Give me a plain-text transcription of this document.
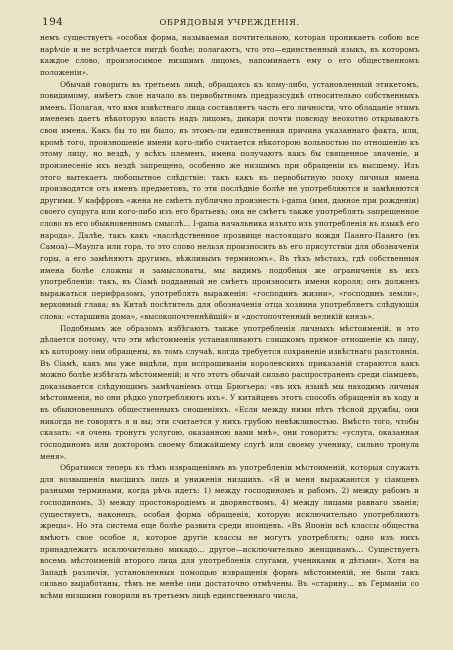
194	ОБРЯДОВЫЯ УЧРЕЖДЕНІЯ.

немъ существуетъ «особая форма, называемая почтительною, которая проникаетъ собою все нарѣчіе и не встрѣчается нигдѣ болѣе; полагаютъ, что это—единственный языкъ, въ которомъ каждое слово, произносимое низшимъ лицомъ, напоминаетъ ему о его общественномъ положеніи».

Обычай говорить въ третьемъ лицѣ, обращаясь къ кому-либо, установленный этикетомъ, повидимому, имѣетъ свое начало въ первобытномъ предразсудкѣ относительно собственныхъ именъ. Полагая, что имя извѣстнаго лица составляетъ часть его личности, что обладаніе этимъ именемъ даетъ нѣкоторую власть надъ лицомъ, дикари почти повсюду неохотно открываютъ свои имена. Какъ бы то ни было, въ этомъ-ли единственная причина указаннаго факта, или, кромѣ того, произношеніе имени кого-либо считается нѣкоторою вольностью по отношенію къ этому лицу, но вездѣ, у всѣхъ племенъ, имена получаютъ какъ бы священное значеніе, и произнесеніе ихъ вездѣ запрещено, особенно же низшимъ при обращеніи къ высшему. Изъ этого вытекаетъ любопытное слѣдствіе: такъ какъ въ первобытную эпоху личныя имена производятся отъ именъ предметовъ, то эти послѣдніе болѣе не употребляются и замѣняются другими. У каффровъ «жена не смѣетъ публично произнесть i-gama (имя, данное при рожденіи) своего супруга или кого-либо изъ его братьевъ; она не смѣетъ также употреблять запрещенное слово въ его обыкновенномъ смыслѣ... I-gama начальника изъято изъ употребленія въ языкѣ его народа». Далѣе, такъ какъ «наслѣдственное прозвище настоящаго вождя Паанго-Паанго (въ Самоа)—Маупга или гора, то это слово нельзя произносить въ его присутствіи для обозначенія горы, а его замѣняютъ другимъ, вѣжливымъ терминомъ». Въ тѣхъ мѣстахъ, гдѣ собственныя имена болѣе сложны и замысловаты, мы видимъ подобныя же ограниченія въ ихъ употребленіи: такъ, въ Сіамѣ подданный не смѣетъ произносить имени короля; онъ долженъ выражаться перифразомъ, употреблять выраженія: «господинъ жизни», «господинъ земли», верховный глава; въ Китаѣ посѣтитель для обозначенія отца хозяина употребляетъ слѣдующія слова: «старшина дома», «высокопочтеннѣйшій» и «достопочтенный великій князь».

Подобнымъ же образомъ избѣгаютъ также употребленія личныхъ мѣстоименій, и это дѣлается потому, что эти мѣстоименія устанавливаютъ слишкомъ прямое отношеніе къ лицу, къ которому они обращены, въ томъ случаѣ, когда требуется сохраненіе извѣстнаго разстоянія. Въ Сіамѣ, какъ мы уже видѣли, при испрашиваніи королевскихъ приказаній стараются какъ можно болѣе избѣгать мѣстоименій; и что этотъ обычай сильно распространенъ среди сіамцевъ, доказывается слѣдующимъ замѣчаніемъ отца Брюгьера: «въ ихъ языкѣ мы находимъ личныя мѣстоименія, но они рѣдко употребляютъ ихъ». У китайцевъ этотъ способъ обращенія въ ходу и въ обыкновенныхъ общественныхъ сношеніяхъ. «Если между ними нѣтъ тѣсной дружбы, они никогда не говорятъ я и вы; эти считается у нихъ грубою невѣжливостью. Вмѣсто того, чтобы сказать: «я очень тронутъ услугою, оказанною вами мнѣ», они говорятъ: «услуга, оказанная господиномъ или докторомъ своему ближайшему слугѣ или своему ученику, сильно тронула меня».

Обратимся теперь къ тѣмъ извращеніямъ въ употребленіи мѣстоименій, которыя служатъ для возвышенія высшихъ лицъ и униженія низшихъ. «Я и меня выражаются у сіамцевъ разными терминами, когда рѣчь идетъ: 1) между господиномъ и рабомъ, 2) между рабомъ и господиномъ, 3) между простонародіемъ и дворянствомъ, 4) между лицами равнаго званія; существуетъ, наконецъ, особая форма обращенія, которую исключительно употребляютъ жрецы». Но эта система еще болѣе развита среди японцевъ. «Въ Японіи всѣ классы общества вмѣютъ свое особое я, которое другіе классы не могутъ употреблять; одно изъ нихъ принадлежитъ исключительно микадо... другое—исключительно женщинамъ... Существуетъ восемь мѣстоименій второго лица для употребленія слугами, учениками и дѣтьми». Хотя на Западѣ различія, установленныя помощью извращенія формъ мѣстоименій, не были такъ сильно выработаны, тѣмъ не менѣе они достаточно отмѣчены. Въ «старину... въ Германіи со всѣми низшими говорили въ третьемъ лицѣ единственнаго числа,
